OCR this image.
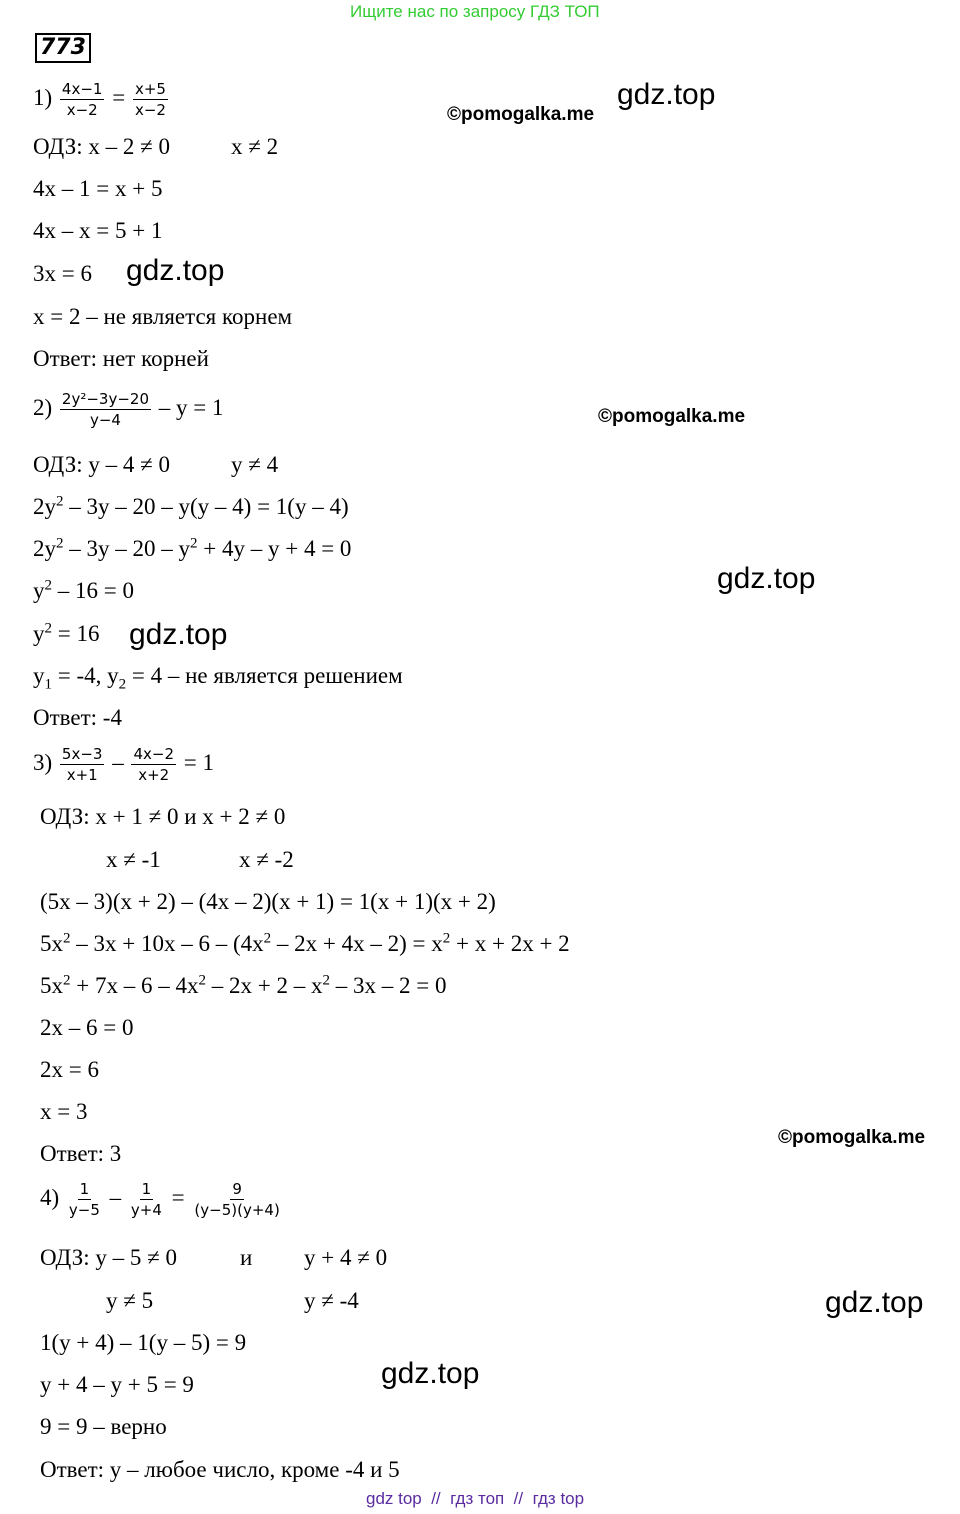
Ищите нас по запросу ГДЗ ТОП
773
gdz.top
©pomogalka.me
gdz.top
©pomogalka.me
gdz.top
gdz.top
©pomogalka.me
gdz.top
gdz.top
$1) \frac{4x-1}{x-2} = \frac{x+5}{x-2}$
ОДЗ: x – 2 ≠ 0	x ≠ 2
4x – 1 = x + 5
4x – x = 5 + 1
3x = 6
x = 2 – не является корнем
Ответ: нет корней
$2) \frac{\text{2y²−3y−20}}{y-4} - y = 1$
ОДЗ: y – 4 ≠ 0	y ≠ 4
$2y^2 - 3y - 20 - y(y - 4) = 1(y - 4)$
$2y^2 - 3y - 20 - y^2 + 4y - y + 4 = 0$
$y^2 - 16 = 0$
$y^2 = 16$
$y_1 = -4$, $y_2 = 4$ – не является решением
Ответ: -4
$3) \frac{5x-3}{x+1} - \frac{4x-2}{x+2} = 1$
ОДЗ: x + 1 ≠ 0 и x + 2 ≠ 0
x ≠ -1	x ≠ -2
(5x – 3)(x + 2) – (4x – 2)(x + 1) = 1(x + 1)(x + 2)
$5x^2 - 3x + 10x - 6 - (4x^2 - 2x + 4x - 2) = x^2 + x + 2x + 2$
$5x^2 + 7x - 6 - 4x^2 - 2x + 2 - x^2 - 3x - 2 = 0$
2x – 6 = 0
2x = 6
x = 3
Ответ: 3
$4) \frac{1}{y-5} - \frac{1}{y+4} = \frac{9}{(y-5)(y+4)}$
ОДЗ: y – 5 ≠ 0	и y + 4 ≠ 0
y ≠ 5	y ≠ -4
1(y + 4) – 1(y – 5) = 9
y + 4 – y + 5 = 9
9 = 9 – верно
Ответ: y – любое число, кроме -4 и 5
gdz top  //  гдз топ  //  гдз top
